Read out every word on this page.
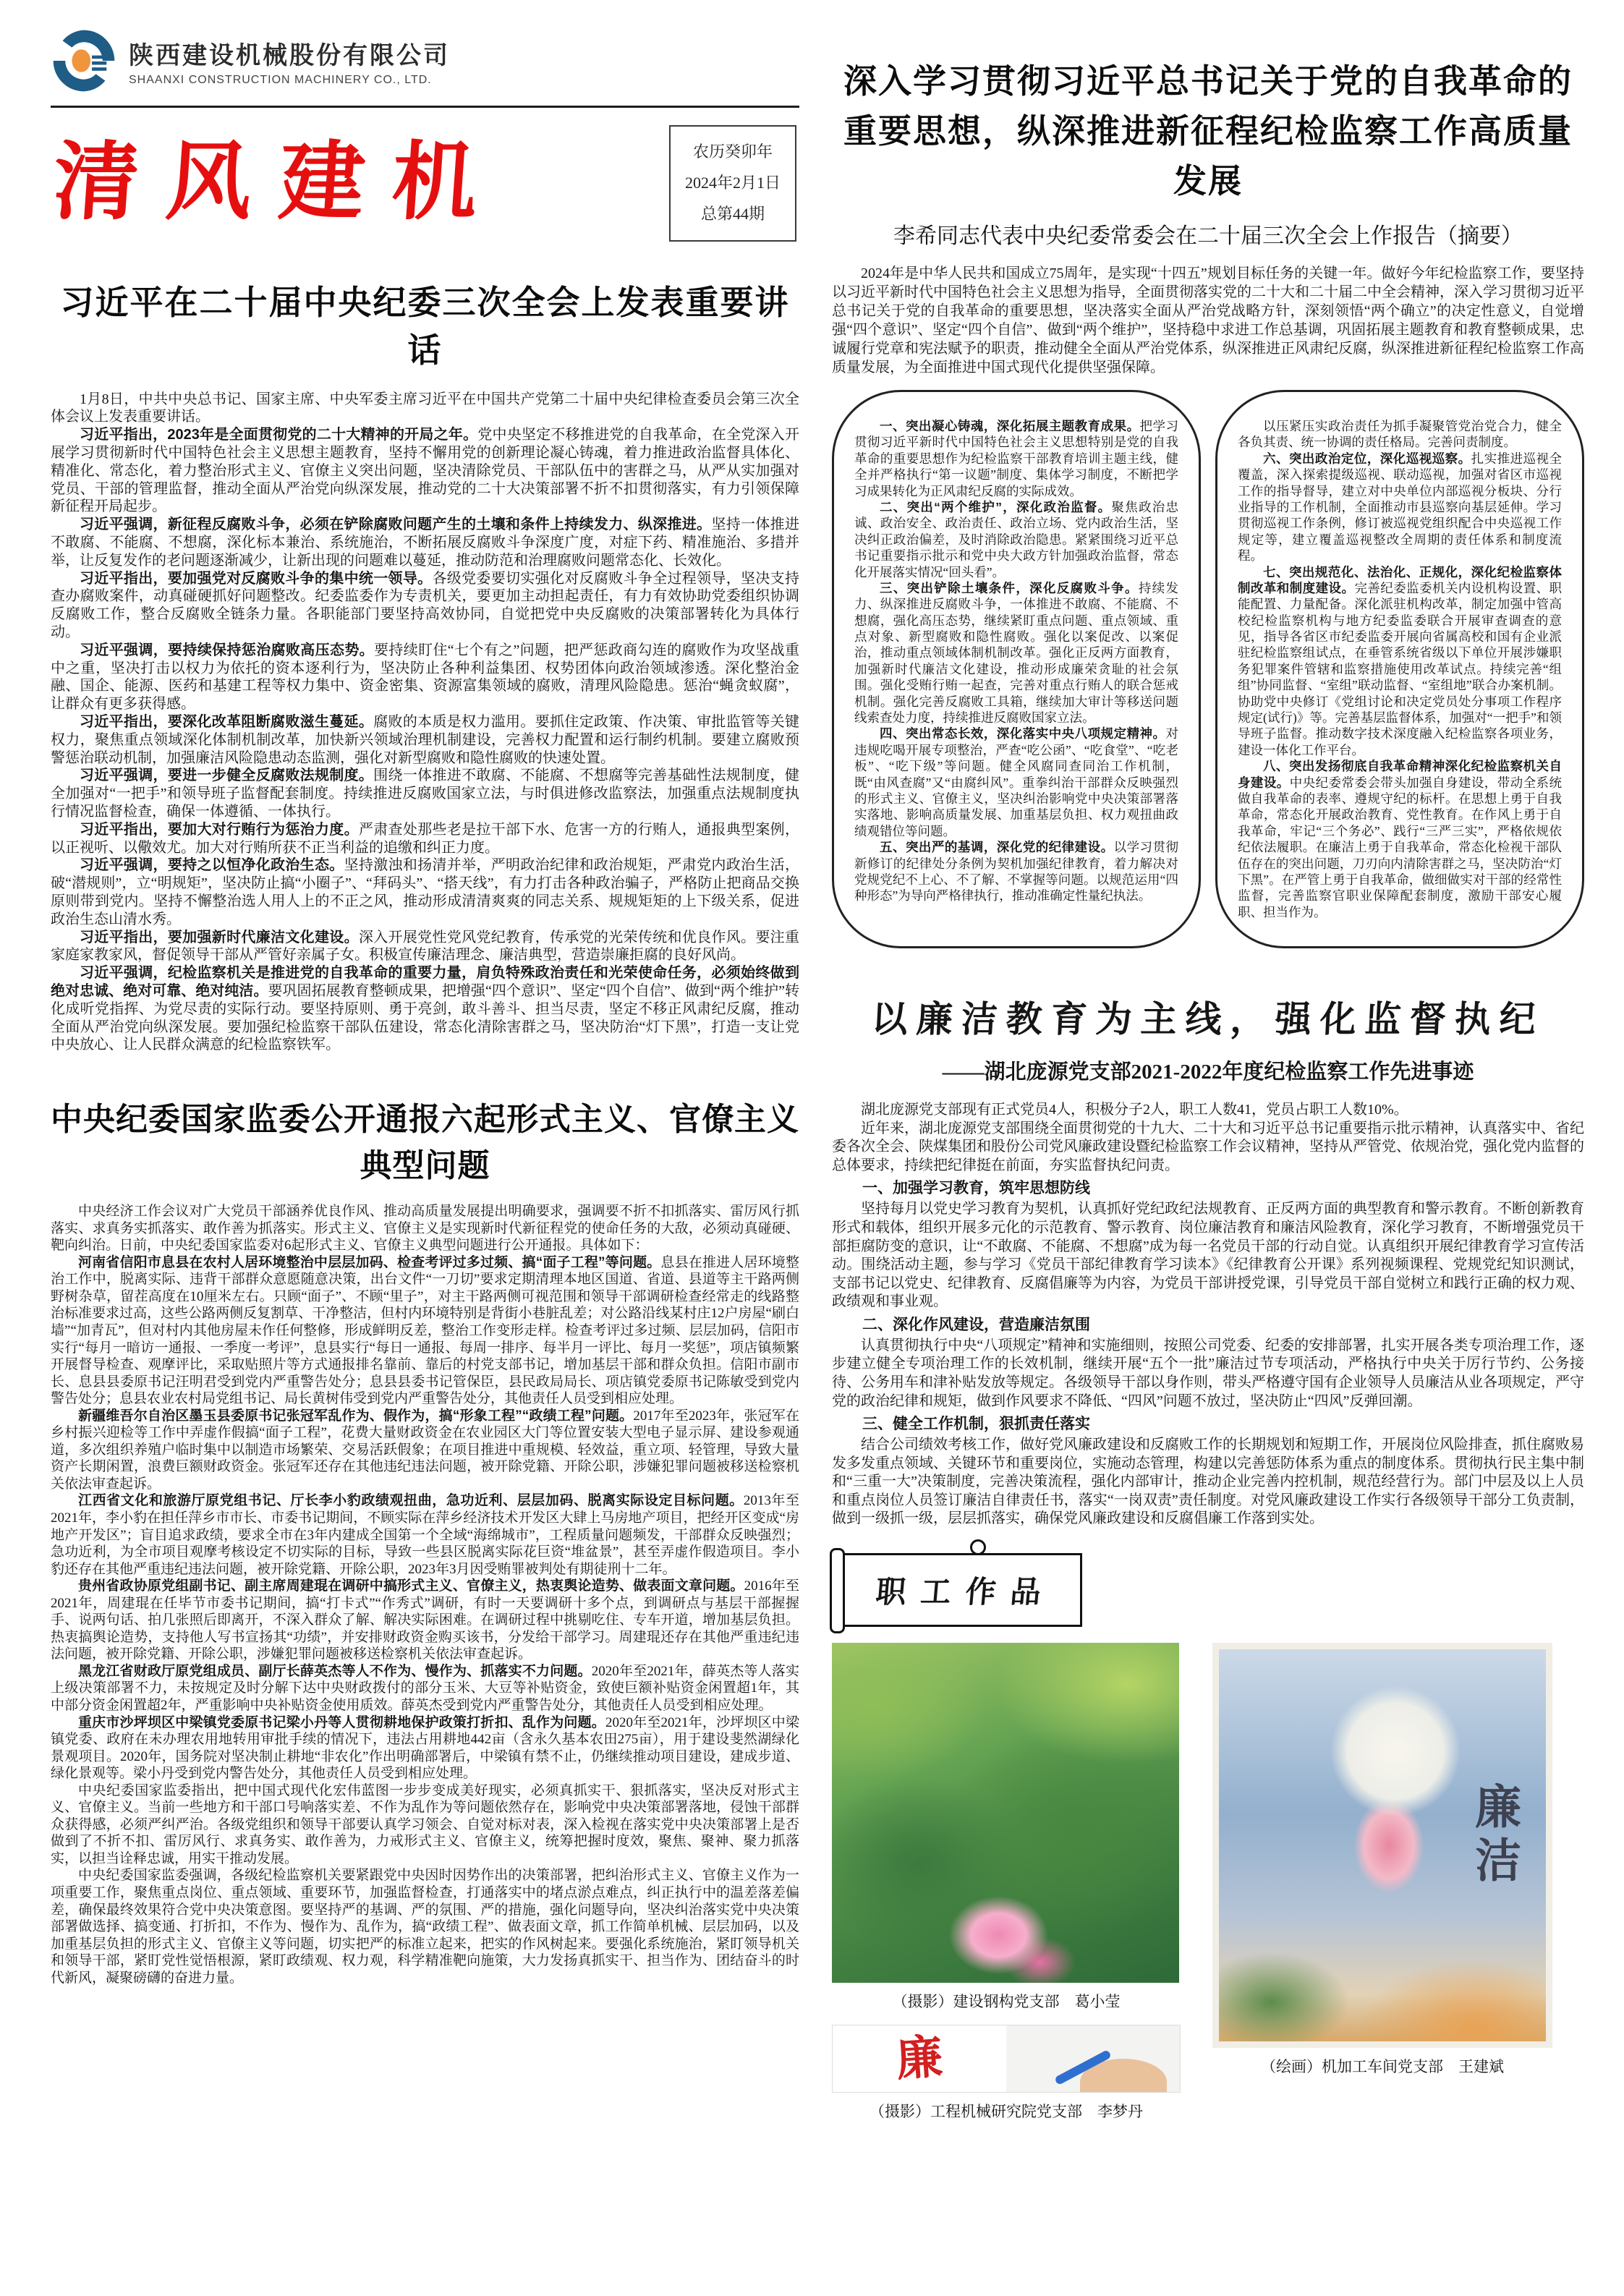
陕西建设机械股份有限公司
SHAANXI CONSTRUCTION MACHINERY CO., LTD.
清风建机	农历癸卯年
2024年2月1日
总第44期
习近平在二十届中央纪委三次全会上发表重要讲话

1月8日，中共中央总书记、国家主席、中央军委主席习近平在中国共产党第二十届中央纪律检查委员会第三次全体会议上发表重要讲话。

习近平指出，2023年是全面贯彻党的二十大精神的开局之年。党中央坚定不移推进党的自我革命，在全党深入开展学习贯彻新时代中国特色社会主义思想主题教育，坚持不懈用党的创新理论凝心铸魂，着力推进政治监督具体化、精准化、常态化，着力整治形式主义、官僚主义突出问题，坚决清除党员、干部队伍中的害群之马，从严从实加强对党员、干部的管理监督，推动全面从严治党向纵深发展，推动党的二十大决策部署不折不扣贯彻落实，有力引领保障新征程开局起步。

习近平强调，新征程反腐败斗争，必须在铲除腐败问题产生的土壤和条件上持续发力、纵深推进。坚持一体推进不敢腐、不能腐、不想腐，深化标本兼治、系统施治，不断拓展反腐败斗争深度广度，对症下药、精准施治、多措并举，让反复发作的老问题逐渐减少，让新出现的问题难以蔓延，推动防范和治理腐败问题常态化、长效化。

习近平指出，要加强党对反腐败斗争的集中统一领导。各级党委要切实强化对反腐败斗争全过程领导，坚决支持查办腐败案件，动真碰硬抓好问题整改。纪委监委作为专责机关，要更加主动担起责任，有力有效协助党委组织协调反腐败工作，整合反腐败全链条力量。各职能部门要坚持高效协同，自觉把党中央反腐败的决策部署转化为具体行动。

习近平强调，要持续保持惩治腐败高压态势。要持续盯住“七个有之”问题，把严惩政商勾连的腐败作为攻坚战重中之重，坚决打击以权力为依托的资本逐利行为，坚决防止各种利益集团、权势团体向政治领域渗透。深化整治金融、国企、能源、医药和基建工程等权力集中、资金密集、资源富集领域的腐败，清理风险隐患。惩治“蝇贪蚁腐”，让群众有更多获得感。

习近平指出，要深化改革阻断腐败滋生蔓延。腐败的本质是权力滥用。要抓住定政策、作决策、审批监管等关键权力，聚焦重点领域深化体制机制改革，加快新兴领域治理机制建设，完善权力配置和运行制约机制。要建立腐败预警惩治联动机制，加强廉洁风险隐患动态监测，强化对新型腐败和隐性腐败的快速处置。

习近平强调，要进一步健全反腐败法规制度。围绕一体推进不敢腐、不能腐、不想腐等完善基础性法规制度，健全加强对“一把手”和领导班子监督配套制度。持续推进反腐败国家立法，与时俱进修改监察法，加强重点法规制度执行情况监督检查，确保一体遵循、一体执行。

习近平指出，要加大对行贿行为惩治力度。严肃查处那些老是拉干部下水、危害一方的行贿人，通报典型案例，以正视听、以儆效尤。加大对行贿所获不正当利益的追缴和纠正力度。

习近平强调，要持之以恒净化政治生态。坚持激浊和扬清并举，严明政治纪律和政治规矩，严肃党内政治生活，破“潜规则”，立“明规矩”，坚决防止搞“小圈子”、“拜码头”、“搭天线”，有力打击各种政治骗子，严格防止把商品交换原则带到党内。坚持不懈整治选人用人上的不正之风，推动形成清清爽爽的同志关系、规规矩矩的上下级关系，促进政治生态山清水秀。

习近平指出，要加强新时代廉洁文化建设。深入开展党性党风党纪教育，传承党的光荣传统和优良作风。要注重家庭家教家风，督促领导干部从严管好亲属子女。积极宣传廉洁理念、廉洁典型，营造崇廉拒腐的良好风尚。

习近平强调，纪检监察机关是推进党的自我革命的重要力量，肩负特殊政治责任和光荣使命任务，必须始终做到绝对忠诚、绝对可靠、绝对纯洁。要巩固拓展教育整顿成果，把增强“四个意识”、坚定“四个自信”、做到“两个维护”转化成听党指挥、为党尽责的实际行动。要坚持原则、勇于亮剑，敢斗善斗、担当尽责，坚定不移正风肃纪反腐，推动全面从严治党向纵深发展。要加强纪检监察干部队伍建设，常态化清除害群之马，坚决防治“灯下黑”，打造一支让党中央放心、让人民群众满意的纪检监察铁军。

中央纪委国家监委公开通报六起形式主义、官僚主义典型问题

中央经济工作会议对广大党员干部涵养优良作风、推动高质量发展提出明确要求，强调要不折不扣抓落实、雷厉风行抓落实、求真务实抓落实、敢作善为抓落实。形式主义、官僚主义是实现新时代新征程党的使命任务的大敌，必须动真碰硬、靶向纠治。日前，中央纪委国家监委对6起形式主义、官僚主义典型问题进行公开通报。具体如下：

河南省信阳市息县在农村人居环境整治中层层加码、检查考评过多过频、搞“面子工程”等问题。息县在推进人居环境整治工作中，脱离实际、违背干部群众意愿随意决策，出台文件“一刀切”要求定期清理本地区国道、省道、县道等主干路两侧野树杂草，留茬高度在10厘米左右。只顾“面子”、不顾“里子”，对主干路两侧可视范围和领导干部调研检查经常走的线路整治标准要求过高，这些公路两侧反复割草、干净整洁，但村内环境特别是背街小巷脏乱差；对公路沿线某村庄12户房屋“刷白墙”“加青瓦”，但对村内其他房屋未作任何整修，形成鲜明反差，整治工作变形走样。检查考评过多过频、层层加码，信阳市实行“每月一暗访一通报、一季度一考评”，息县实行“每日一通报、每周一排序、每半月一评比、每月一奖惩”，项店镇频繁开展督导检查、观摩评比，采取贴照片等方式通报排名靠前、靠后的村党支部书记，增加基层干部和群众负担。信阳市副市长、息县县委原书记汪明君受到党内严重警告处分；息县县委书记管保臣，县民政局局长、项店镇党委原书记陈敏受到党内警告处分；息县农业农村局党组书记、局长黄树伟受到党内严重警告处分，其他责任人员受到相应处理。

新疆维吾尔自治区墨玉县委原书记张冠军乱作为、假作为，搞“形象工程”“政绩工程”问题。2017年至2023年，张冠军在乡村振兴迎检等工作中弄虚作假搞“面子工程”，花费大量财政资金在农业园区大门等位置安装大型电子显示屏、建设参观通道，多次组织养殖户临时集中以制造市场繁荣、交易活跃假象；在项目推进中重规模、轻效益，重立项、轻管理，导致大量资产长期闲置，浪费巨额财政资金。张冠军还存在其他违纪违法问题，被开除党籍、开除公职，涉嫌犯罪问题被移送检察机关依法审查起诉。

江西省文化和旅游厅原党组书记、厅长李小豹政绩观扭曲，急功近利、层层加码、脱离实际设定目标问题。2013年至2021年，李小豹在担任萍乡市市长、市委书记期间，不顾实际在萍乡经济技术开发区大肆上马房地产项目，把经开区变成“房地产开发区”；盲目追求政绩，要求全市在3年内建成全国第一个全域“海绵城市”，工程质量问题频发，干部群众反映强烈；急功近利，为全市项目观摩考核设定不切实际的目标，导致一些县区脱离实际花巨资“堆盆景”，甚至弄虚作假造项目。李小豹还存在其他严重违纪违法问题，被开除党籍、开除公职，2023年3月因受贿罪被判处有期徒刑十二年。

贵州省政协原党组副书记、副主席周建琨在调研中搞形式主义、官僚主义，热衷舆论造势、做表面文章问题。2016年至2021年，周建琨在任毕节市委书记期间，搞“打卡式”“作秀式”调研，有时一天要调研十多个点，到调研点与基层干部握握手、说两句话、拍几张照后即离开，不深入群众了解、解决实际困难。在调研过程中挑剔吃住、专车开道，增加基层负担。热衷搞舆论造势，支持他人写书宣扬其“功绩”，并安排财政资金购买该书，分发给干部学习。周建琨还存在其他严重违纪违法问题，被开除党籍、开除公职，涉嫌犯罪问题被移送检察机关依法审查起诉。

黑龙江省财政厅原党组成员、副厅长薛英杰等人不作为、慢作为、抓落实不力问题。2020年至2021年，薛英杰等人落实上级决策部署不力，未按规定及时分解下达中央财政拨付的部分玉米、大豆等补贴资金，致使巨额补贴资金闲置超1年，其中部分资金闲置超2年，严重影响中央补贴资金使用质效。薛英杰受到党内严重警告处分，其他责任人员受到相应处理。

重庆市沙坪坝区中梁镇党委原书记梁小丹等人贯彻耕地保护政策打折扣、乱作为问题。2020年至2021年，沙坪坝区中梁镇党委、政府在未办理农用地转用审批手续的情况下，违法占用耕地442亩（含永久基本农田275亩），用于建设斐然湖绿化景观项目。2020年，国务院对坚决制止耕地“非农化”作出明确部署后，中梁镇有禁不止，仍继续推动项目建设，建成步道、绿化景观等。梁小丹受到党内警告处分，其他责任人员受到相应处理。

中央纪委国家监委指出，把中国式现代化宏伟蓝图一步步变成美好现实，必须真抓实干、狠抓落实，坚决反对形式主义、官僚主义。当前一些地方和干部口号响落实差、不作为乱作为等问题依然存在，影响党中央决策部署落地，侵蚀干部群众获得感，必须严纠严治。各级党组织和领导干部要认真学习领会、自觉对标对表，深入检视在落实党中央决策部署上是否做到了不折不扣、雷厉风行、求真务实、敢作善为，力戒形式主义、官僚主义，统筹把握时度效，聚焦、聚神、聚力抓落实，以担当诠释忠诚，用实干推动发展。

中央纪委国家监委强调，各级纪检监察机关要紧跟党中央因时因势作出的决策部署，把纠治形式主义、官僚主义作为一项重要工作，聚焦重点岗位、重点领域、重要环节，加强监督检查，打通落实中的堵点淤点难点，纠正执行中的温差落差偏差，确保最终效果符合党中央决策意图。要坚持严的基调、严的氛围、严的措施，强化问题导向，坚决纠治落实党中央决策部署做选择、搞变通、打折扣，不作为、慢作为、乱作为，搞“政绩工程”、做表面文章，抓工作简单机械、层层加码，以及加重基层负担的形式主义、官僚主义等问题，切实把严的标准立起来，把实的作风树起来。要强化系统施治，紧盯领导机关和领导干部，紧盯党性觉悟根源，紧盯政绩观、权力观，科学精准靶向施策，大力发扬真抓实干、担当作为、团结奋斗的时代新风，凝聚磅礴的奋进力量。

深入学习贯彻习近平总书记关于党的自我革命的重要思想，纵深推进新征程纪检监察工作高质量发展
李希同志代表中央纪委常委会在二十届三次全会上作报告（摘要）

2024年是中华人民共和国成立75周年，是实现“十四五”规划目标任务的关键一年。做好今年纪检监察工作，要坚持以习近平新时代中国特色社会主义思想为指导，全面贯彻落实党的二十大和二十届二中全会精神，深入学习贯彻习近平总书记关于党的自我革命的重要思想，坚决落实全面从严治党战略方针，深刻领悟“两个确立”的决定性意义，自觉增强“四个意识”、坚定“四个自信”、做到“两个维护”，坚持稳中求进工作总基调，巩固拓展主题教育和教育整顿成果，忠诚履行党章和宪法赋予的职责，推动健全全面从严治党体系，纵深推进正风肃纪反腐，纵深推进新征程纪检监察工作高质量发展，为全面推进中国式现代化提供坚强保障。

一、突出凝心铸魂，深化拓展主题教育成果。把学习贯彻习近平新时代中国特色社会主义思想特别是党的自我革命的重要思想作为纪检监察干部教育培训主题主线，健全并严格执行“第一议题”制度、集体学习制度，不断把学习成果转化为正风肃纪反腐的实际成效。

二、突出“两个维护”，深化政治监督。聚焦政治忠诚、政治安全、政治责任、政治立场、党内政治生活，坚决纠正政治偏差，及时消除政治隐患。紧紧围绕习近平总书记重要指示批示和党中央大政方针加强政治监督，常态化开展落实情况“回头看”。

三、突出铲除土壤条件，深化反腐败斗争。持续发力、纵深推进反腐败斗争，一体推进不敢腐、不能腐、不想腐，强化高压态势，继续紧盯重点问题、重点领域、重点对象、新型腐败和隐性腐败。强化以案促改、以案促治，推动重点领域体制机制改革。强化正反两方面教育，加强新时代廉洁文化建设，推动形成廉荣贪耻的社会氛围。强化受贿行贿一起查，完善对重点行贿人的联合惩戒机制。强化完善反腐败工具箱，继续加大审计等移送问题线索查处力度，持续推进反腐败国家立法。

四、突出常态长效，深化落实中央八项规定精神。对违规吃喝开展专项整治，严查“吃公函”、“吃食堂”、“吃老板”、“吃下级”等问题。健全风腐同查同治工作机制，既“由风查腐”又“由腐纠风”。重拳纠治干部群众反映强烈的形式主义、官僚主义，坚决纠治影响党中央决策部署落实落地、影响高质量发展、加重基层负担、权力观扭曲政绩观错位等问题。

五、突出严的基调，深化党的纪律建设。以学习贯彻新修订的纪律处分条例为契机加强纪律教育，着力解决对党规党纪不上心、不了解、不掌握等问题。以规范运用“四种形态”为导向严格律执行，推动准确定性量纪执法。

以压紧压实政治责任为抓手凝聚管党治党合力，健全各负其责、统一协调的责任格局。完善问责制度。

六、突出政治定位，深化巡视巡察。扎实推进巡视全覆盖，深入探索提级巡视、联动巡视，加强对省区市巡视工作的指导督导，建立对中央单位内部巡视分板块、分行业指导的工作机制，全面推动市县巡察向基层延伸。学习贯彻巡视工作条例，修订被巡视党组织配合中央巡视工作规定等，建立覆盖巡视整改全周期的责任体系和制度流程。

七、突出规范化、法治化、正规化，深化纪检监察体制改革和制度建设。完善纪委监委机关内设机构设置、职能配置、力量配备。深化派驻机构改革，制定加强中管高校纪检监察机构与地方纪委监委联合开展审查调查的意见，指导各省区市纪委监委开展向省属高校和国有企业派驻纪检监察组试点，在垂管系统省级以下单位开展涉嫌职务犯罪案件管辖和监察措施使用改革试点。持续完善“组组”协同监督、“室组”联动监督、“室组地”联合办案机制。协助党中央修订《党组讨论和决定党员处分事项工作程序规定(试行)》等。完善基层监督体系，加强对“一把手”和领导班子监督。推动数字技术深度融入纪检监察各项业务，建设一体化工作平台。

八、突出发扬彻底自我革命精神深化纪检监察机关自身建设。中央纪委常委会带头加强自身建设，带动全系统做自我革命的表率、遵规守纪的标杆。在思想上勇于自我革命，常态化开展政治教育、党性教育。在作风上勇于自我革命，牢记“三个务必”、践行“三严三实”，严格依规依纪依法履职。在廉洁上勇于自我革命，常态化检视干部队伍存在的突出问题，刀刃向内清除害群之马，坚决防治“灯下黑”。在严管上勇于自我革命，做细做实对干部的经常性监督，完善监察官职业保障配套制度，激励干部安心履职、担当作为。

以廉洁教育为主线，强化监督执纪
——湖北庞源党支部2021-2022年度纪检监察工作先进事迹

湖北庞源党支部现有正式党员4人，积极分子2人，职工人数41，党员占职工人数10%。

近年来，湖北庞源党支部围绕全面贯彻党的十九大、二十大和习近平总书记重要指示批示精神，认真落实中、省纪委各次全会、陕煤集团和股份公司党风廉政建设暨纪检监察工作会议精神，坚持从严管党、依规治党，强化党内监督的总体要求，持续把纪律挺在前面，夯实监督执纪问责。

一、加强学习教育，筑牢思想防线

坚持每月以党史学习教育为契机，认真抓好党纪政纪法规教育、正反两方面的典型教育和警示教育。不断创新教育形式和载体，组织开展多元化的示范教育、警示教育、岗位廉洁教育和廉洁风险教育，深化学习教育，不断增强党员干部拒腐防变的意识，让“不敢腐、不能腐、不想腐”成为每一名党员干部的行动自觉。认真组织开展纪律教育学习宣传活动。围绕活动主题，参与学习《党员干部纪律教育学习读本》《纪律教育公开课》系列视频课程、党规党纪知识测试，支部书记以党史、纪律教育、反腐倡廉等为内容，为党员干部讲授党课，引导党员干部自觉树立和践行正确的权力观、政绩观和事业观。

二、深化作风建设，营造廉洁氛围

认真贯彻执行中央“八项规定”精神和实施细则，按照公司党委、纪委的安排部署，扎实开展各类专项治理工作，逐步建立健全专项治理工作的长效机制，继续开展“五个一批”廉洁过节专项活动，严格执行中央关于厉行节约、公务接待、公务用车和津补贴发放等规定。各级领导干部以身作则，带头严格遵守国有企业领导人员廉洁从业各项规定，严守党的政治纪律和规矩，做到作风要求不降低、“四风”问题不放过，坚决防止“四风”反弹回潮。

三、健全工作机制，狠抓责任落实

结合公司绩效考核工作，做好党风廉政建设和反腐败工作的长期规划和短期工作，开展岗位风险排查，抓住腐败易发多发重点领域、关键环节和重要岗位，实施动态管理，构建以完善惩防体系为重点的制度体系。贯彻执行民主集中制和“三重一大”决策制度，完善决策流程，强化内部审计，推动企业完善内控机制，规范经营行为。部门中层及以上人员和重点岗位人员签订廉洁自律责任书，落实“一岗双责”责任制度。对党风廉政建设工作实行各级领导干部分工负责制，做到一级抓一级，层层抓落实，确保党风廉政建设和反腐倡廉工作落到实处。

职工作品
（摄影）建设钢构党支部　葛小莹
廉
（摄影）工程机械研究院党支部　李梦丹
廉洁
（绘画）机加工车间党支部　王建斌
